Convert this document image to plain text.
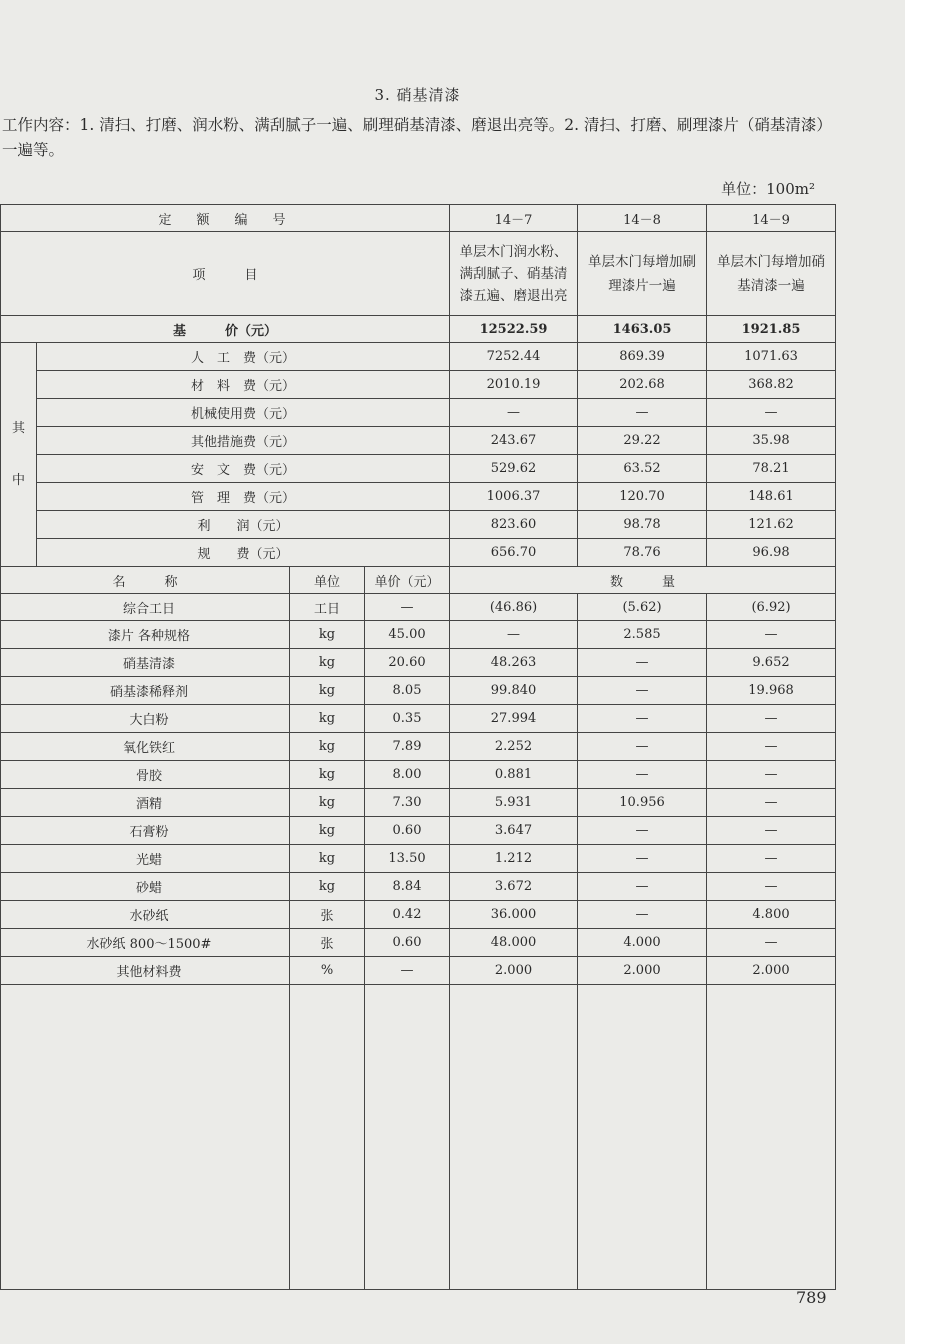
3. 硝基清漆
工作内容：1. 清扫、打磨、润水粉、满刮腻子一遍、刷理硝基清漆、磨退出亮等。2. 清扫、打磨、刷理漆片（硝基清漆）一遍等。
单位：100m²
定　额　编　号				14－7	14－8	14－9
项　　　目				单层木门润水粉、满刮腻子、硝基清漆五遍、磨退出亮	单层木门每增加刷理漆片一遍	单层木门每增加硝基清漆一遍
基　　　价（元）				12522.59	1463.05	1921.85
其
中	人　工　费（元）			7252.44	869.39	1071.63
	材　料　费（元）			2010.19	202.68	368.82
	机械使用费（元）			—	—	—
	其他措施费（元）			243.67	29.22	35.98
	安　文　费（元）			529.62	63.52	78.21
	管　理　费（元）			1006.37	120.70	148.61
	利　　润（元）			823.60	98.78	121.62
	规　　费（元）			656.70	78.76	96.98
名　　　称		单位	单价（元）	数　　　量		
综合工日		工日	—	(46.86)	(5.62)	(6.92)
漆片 各种规格		kg	45.00	—	2.585	—
硝基清漆		kg	20.60	48.263	—	9.652
硝基漆稀释剂		kg	8.05	99.840	—	19.968
大白粉		kg	0.35	27.994	—	—
氧化铁红		kg	7.89	2.252	—	—
骨胶		kg	8.00	0.881	—	—
酒精		kg	7.30	5.931	10.956	—
石膏粉		kg	0.60	3.647	—	—
光蜡		kg	13.50	1.212	—	—
砂蜡		kg	8.84	3.672	—	—
水砂纸		张	0.42	36.000	—	4.800
水砂纸 800～1500#		张	0.60	48.000	4.000	—
其他材料费		%	—	2.000	2.000	2.000

789
